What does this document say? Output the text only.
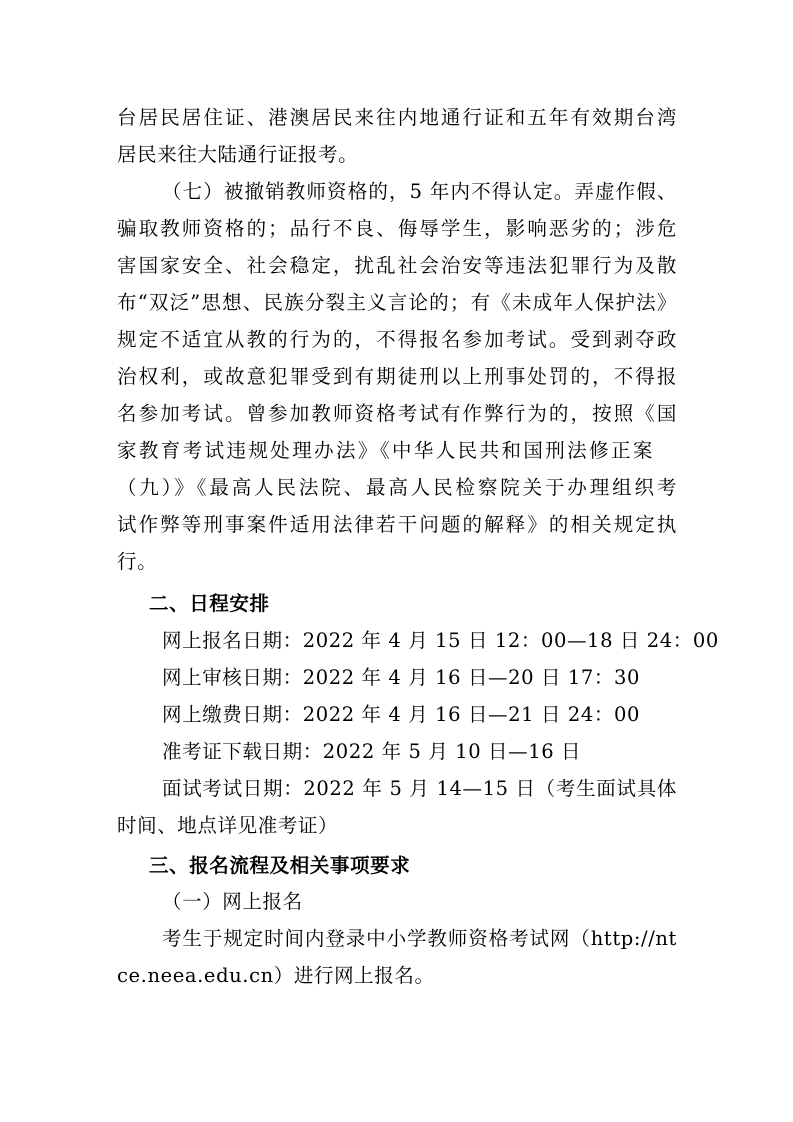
台居民居住证、港澳居民来往内地通行证和五年有效期台湾
居民来往大陆通行证报考。
（七）被撤销教师资格的，5 年内不得认定。弄虚作假、
骗取教师资格的；品行不良、侮辱学生，影响恶劣的；涉危
害国家安全、社会稳定，扰乱社会治安等违法犯罪行为及散
布“双泛”思想、民族分裂主义言论的；有《未成年人保护法》
规定不适宜从教的行为的，不得报名参加考试。受到剥夺政
治权利，或故意犯罪受到有期徒刑以上刑事处罚的，不得报
名参加考试。曾参加教师资格考试有作弊行为的，按照《国
家教育考试违规处理办法》《中华人民共和国刑法修正案
（九）》《最高人民法院、最高人民检察院关于办理组织考
试作弊等刑事案件适用法律若干问题的解释》的相关规定执
行。
二、日程安排
网上报名日期：2022 年 4 月 15 日 12：00—18 日 24：00
网上审核日期：2022 年 4 月 16 日—20 日 17：30
网上缴费日期：2022 年 4 月 16 日—21 日 24：00
准考证下载日期：2022 年 5 月 10 日—16 日
面试考试日期：2022 年 5 月 14—15 日（考生面试具体
时间、地点详见准考证）
三、报名流程及相关事项要求
（一）网上报名
考生于规定时间内登录中小学教师资格考试网（http://nt
ce.neea.edu.cn）进行网上报名。
